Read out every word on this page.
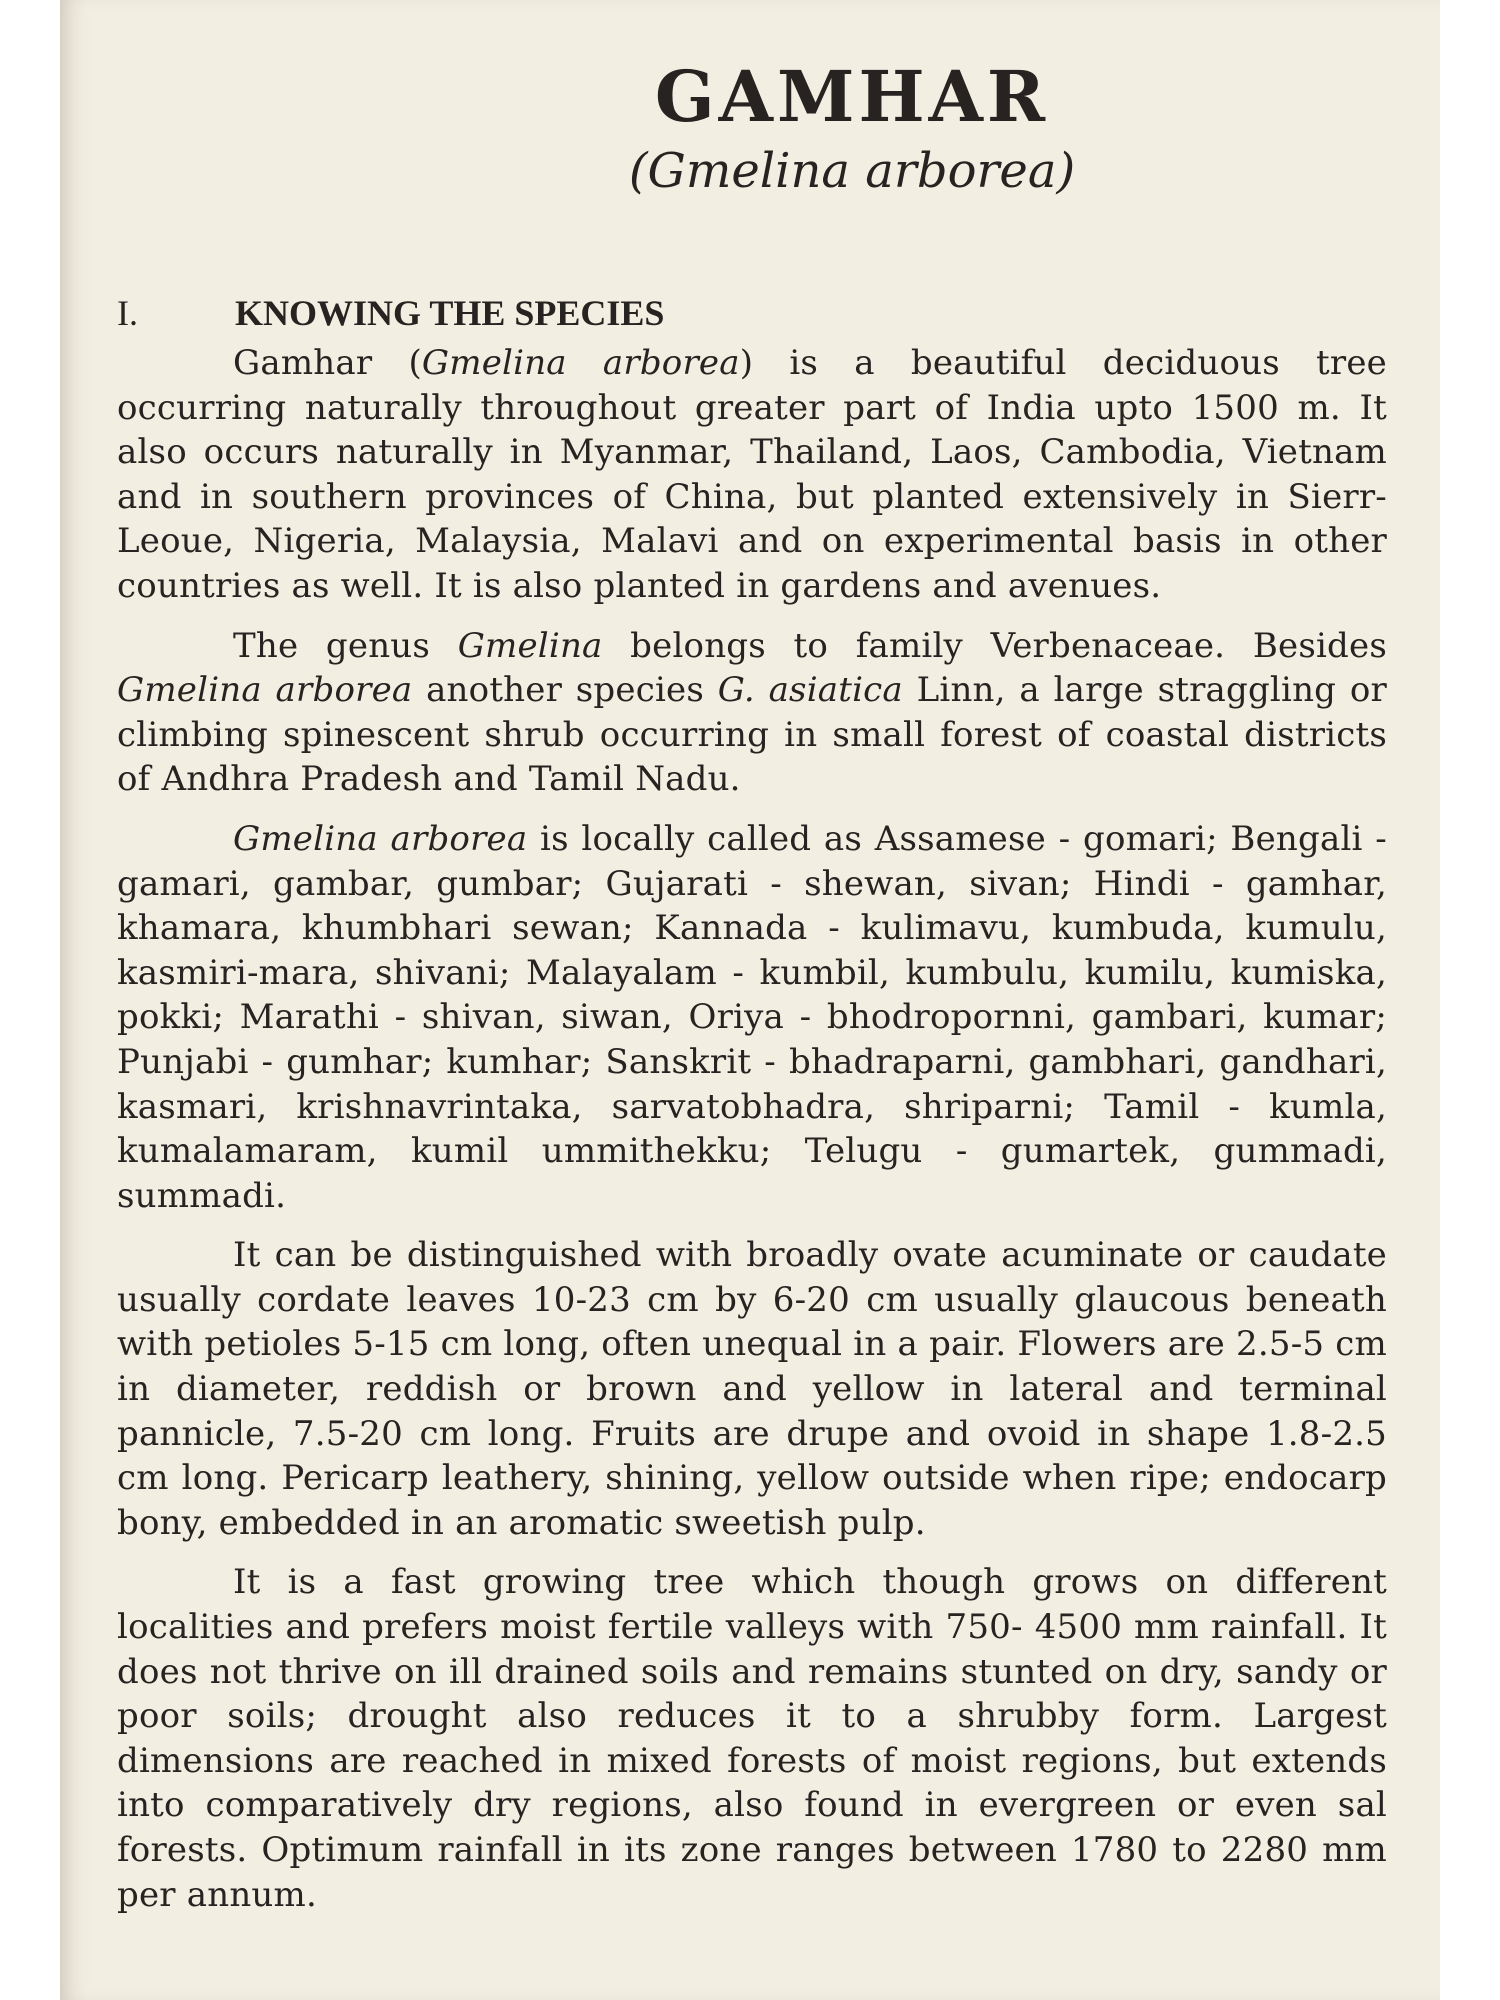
GAMHAR
(Gmelina arborea)
I.	KNOWING THE SPECIES

Gamhar (Gmelina arborea) is a beautiful deciduous tree occurring naturally throughout greater part of India upto 1500 m. It also occurs naturally in Myanmar, Thailand, Laos, Cambodia, Vietnam and in southern provinces of China, but planted extensively in Sierr-Leoue, Nigeria, Malaysia, Malavi and on experimental basis in other countries as well. It is also planted in gardens and avenues.

The genus Gmelina belongs to family Verbenaceae. Besides Gmelina arborea another species G. asiatica Linn, a large straggling or climbing spinescent shrub occurring in small forest of coastal districts of Andhra Pradesh and Tamil Nadu.

Gmelina arborea is locally called as Assamese - gomari; Bengali - gamari, gambar, gumbar; Gujarati - shewan, sivan; Hindi - gamhar, khamara, khumbhari sewan; Kannada - kulimavu, kumbuda, kumulu, kasmiri-mara, shivani; Malayalam - kumbil, kumbulu, kumilu, kumiska, pokki; Marathi - shivan, siwan, Oriya - bhodropornni, gambari, kumar; Punjabi - gumhar; kumhar; Sanskrit - bhadraparni, gambhari, gandhari, kasmari, krishnavrintaka, sarvatobhadra, shriparni; Tamil - kumla, kumalamaram, kumil ummithekku; Telugu - gumartek, gummadi, summadi.

It can be distinguished with broadly ovate acuminate or caudate usually cordate leaves 10-23 cm by 6-20 cm usually glaucous beneath with petioles 5-15 cm long, often unequal in a pair. Flowers are 2.5-5 cm in diameter, reddish or brown and yellow in lateral and terminal pannicle, 7.5-20 cm long. Fruits are drupe and ovoid in shape 1.8-2.5 cm long. Pericarp leathery, shining, yellow outside when ripe; endocarp bony, embedded in an aromatic sweetish pulp.

It is a fast growing tree which though grows on different localities and prefers moist fertile valleys with 750- 4500 mm rainfall. It does not thrive on ill drained soils and remains stunted on dry, sandy or poor soils; drought also reduces it to a shrubby form. Largest dimensions are reached in mixed forests of moist regions, but extends into comparatively dry regions, also found in evergreen or even sal forests. Optimum rainfall in its zone ranges between 1780 to 2280 mm per annum.
